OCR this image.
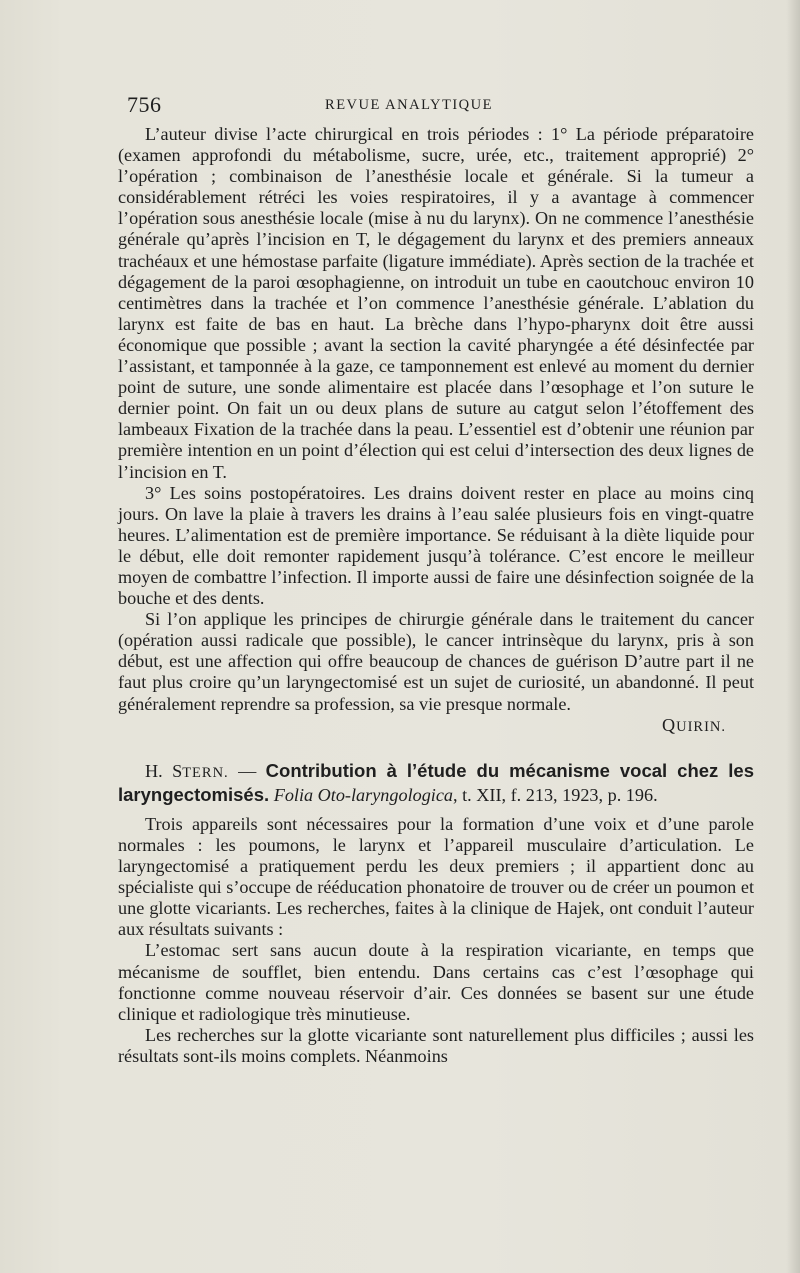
756	REVUE ANALYTIQUE

L’auteur divise l’acte chirurgical en trois périodes : 1° La période préparatoire (examen approfondi du métabolisme, sucre, urée, etc., traitement approprié) 2° l’opération ; combinaison de l’anesthésie locale et générale. Si la tumeur a considérablement rétréci les voies respiratoires, il y a avantage à commencer l’opération sous anesthésie locale (mise à nu du larynx). On ne commence l’anesthésie générale qu’après l’incision en T, le dégagement du larynx et des premiers anneaux trachéaux et une hémostase parfaite (ligature immédiate). Après section de la trachée et dégagement de la paroi œsophagienne, on introduit un tube en caoutchouc environ 10 centimètres dans la trachée et l’on commence l’anesthésie générale. L’ablation du larynx est faite de bas en haut. La brèche dans l’hypo-pharynx doit être aussi économique que possible ; avant la section la cavité pharyngée a été désinfectée par l’assistant, et tamponnée à la gaze, ce tamponnement est enlevé au moment du dernier point de suture, une sonde alimentaire est placée dans l’œsophage et l’on suture le dernier point. On fait un ou deux plans de suture au catgut selon l’étoffement des lambeaux Fixation de la trachée dans la peau. L’essentiel est d’obtenir une réunion par première intention en un point d’élection qui est celui d’intersection des deux lignes de l’incision en T.

3° Les soins postopératoires. Les drains doivent rester en place au moins cinq jours. On lave la plaie à travers les drains à l’eau salée plusieurs fois en vingt-quatre heures. L’alimentation est de première importance. Se réduisant à la diète liquide pour le début, elle doit remonter rapidement jusqu’à tolérance. C’est encore le meilleur moyen de combattre l’infection. Il importe aussi de faire une désinfection soignée de la bouche et des dents.

Si l’on applique les principes de chirurgie générale dans le traitement du cancer (opération aussi radicale que possible), le cancer intrinsèque du larynx, pris à son début, est une affection qui offre beaucoup de chances de guérison D’autre part il ne faut plus croire qu’un laryngectomisé est un sujet de curiosité, un abandonné. Il peut généralement reprendre sa profession, sa vie presque normale.

QUIRIN.
H. STERN. — Contribution à l’étude du mécanisme vocal chez les laryngectomisés. Folia Oto-laryngologica, t. XII, f. 213, 1923, p. 196.

Trois appareils sont nécessaires pour la formation d’une voix et d’une parole normales : les poumons, le larynx et l’appareil musculaire d’articulation. Le laryngectomisé a pratiquement perdu les deux premiers ; il appartient donc au spécialiste qui s’occupe de rééducation phonatoire de trouver ou de créer un poumon et une glotte vicariants. Les recherches, faites à la clinique de Hajek, ont conduit l’auteur aux résultats suivants :

L’estomac sert sans aucun doute à la respiration vicariante, en temps que mécanisme de soufflet, bien entendu. Dans certains cas c’est l’œsophage qui fonctionne comme nouveau réservoir d’air. Ces données se basent sur une étude clinique et radiologique très minutieuse.

Les recherches sur la glotte vicariante sont naturellement plus difficiles ; aussi les résultats sont-ils moins complets. Néanmoins
